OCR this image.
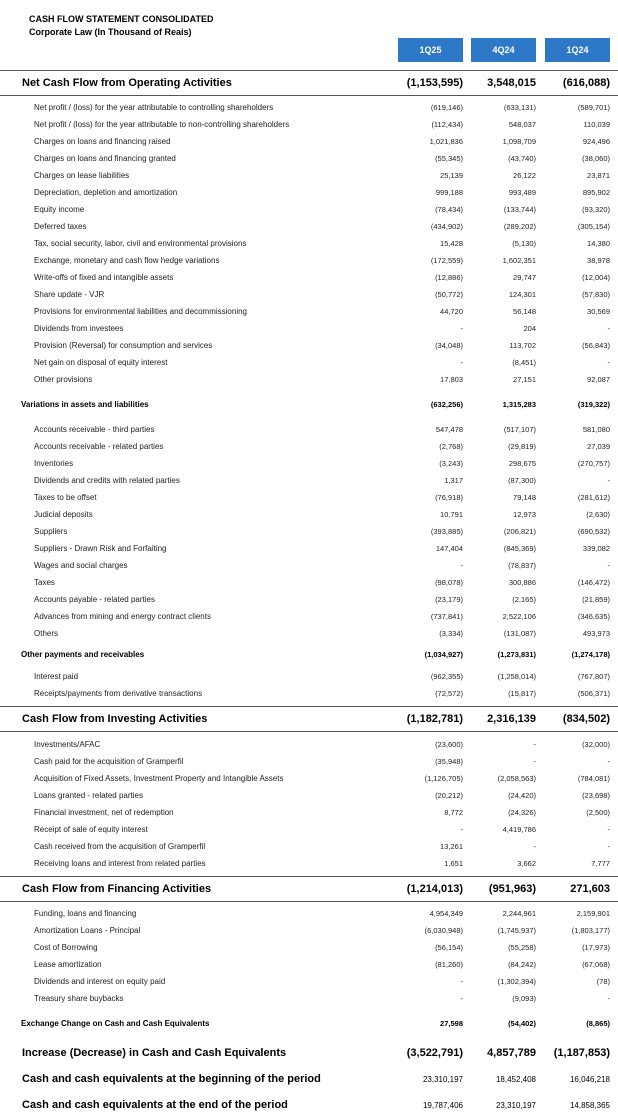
CASH FLOW STATEMENT CONSOLIDATED
Corporate Law (In Thousand of Reais)
1Q25	4Q24	1Q24
Net Cash Flow from Operating Activities	(1,153,595)	3,548,015	(616,088)
Net profit / (loss) for the year attributable to controlling shareholders	(619,146)	(633,131)	(589,701)
Net profit / (loss) for the year attributable to non-controlling shareholders	(112,434)	548,037	110,039
Charges on loans and financing raised	1,021,836	1,098,709	924,496
Charges on loans and financing granted	(55,345)	(43,740)	(38,060)
Charges on lease liabilities	25,139	26,122	23,871
Depreciation, depletion and amortization	999,188	993,489	895,902
Equity income	(78,434)	(133,744)	(93,320)
Deferred taxes	(434,902)	(289,202)	(305,154)
Tax, social security, labor, civil and environmental provisions	15,428	(5,130)	14,380
Exchange, monetary and cash flow hedge variations	(172,559)	1,602,351	38,978
Write-offs of fixed and intangible assets	(12,886)	29,747	(12,004)
Share update - VJR	(50,772)	124,301	(57,830)
Provisions for environmental liabilities and decommissioning	44,720	56,148	30,569
Dividends from investees	-	204	-
Provision (Reversal) for consumption and services	(34,048)	113,702	(56,843)
Net gain on disposal of equity interest	-	(8,451)	-
Other provisions	17,803	27,151	92,087
Variations in assets and liabilities	(632,256)	1,315,283	(319,322)
Accounts receivable - third parties	547,478	(517,107)	581,080
Accounts receivable - related parties	(2,768)	(29,819)	27,039
Inventories	(3,243)	298,675	(270,757)
Dividends and credits with related parties	1,317	(87,300)	-
Taxes to be offset	(76,918)	79,148	(281,612)
Judicial deposits	10,791	12,973	(2,630)
Suppliers	(393,885)	(206,821)	(690,532)
Suppliers - Drawn Risk and Forfaiting	147,404	(845,369)	339,082
Wages and social charges	-	(78,837)	-
Taxes	(98,078)	300,886	(146,472)
Accounts payable - related parties	(23,179)	(2,165)	(21,859)
Advances from mining and energy contract clients	(737,841)	2,522,106	(346,635)
Others	(3,334)	(131,087)	493,973
Other payments and receivables	(1,034,927)	(1,273,831)	(1,274,178)
Interest paid	(962,355)	(1,258,014)	(767,807)
Receipts/payments from derivative transactions	(72,572)	(15,817)	(506,371)
Cash Flow from Investing Activities	(1,182,781)	2,316,139	(834,502)
Investments/AFAC	(23,600)	-	(32,000)
Cash paid for the acquisition of Gramperfil	(35,948)	-	-
Acquisition of Fixed Assets, Investment Property and Intangible Assets	(1,126,705)	(2,058,563)	(784,081)
Loans granted - related parties	(20,212)	(24,420)	(23,698)
Financial investment, net of redemption	8,772	(24,326)	(2,500)
Receipt of sale of equity interest	-	4,419,786	-
Cash received from the acquisition of Gramperfil	13,261	-	-
Receiving loans and interest from related parties	1,651	3,662	7,777
Cash Flow from Financing Activities	(1,214,013)	(951,963)	271,603
Funding, loans and financing	4,954,349	2,244,961	2,159,901
Amortization Loans - Principal	(6,030,948)	(1,745,937)	(1,803,177)
Cost of Borrowing	(56,154)	(55,258)	(17,973)
Lease amortization	(81,260)	(84,242)	(67,068)
Dividends and interest on equity paid	-	(1,302,394)	(78)
Treasury share buybacks	-	(9,093)	-
Exchange Change on Cash and Cash Equivalents	27,598	(54,402)	(8,865)
Increase (Decrease) in Cash and Cash Equivalents	(3,522,791)	4,857,789	(1,187,853)
Cash and cash equivalents at the beginning of the period	23,310,197	18,452,408	16,046,218
Cash and cash equivalents at the end of the period	19,787,406	23,310,197	14,858,365
